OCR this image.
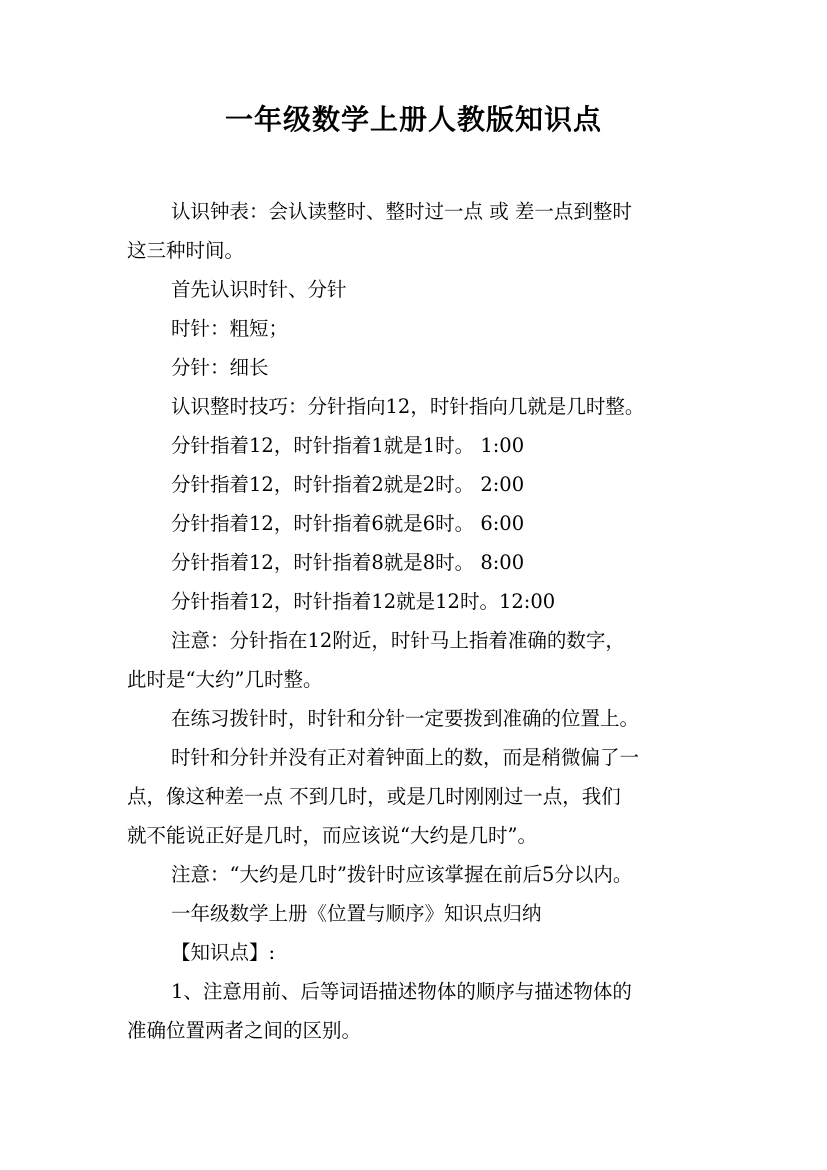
一年级数学上册人教版知识点
认识钟表：会认读整时、整时过一点 或 差一点到整时
这三种时间。
首先认识时针、分针
时针：粗短；
分针：细长
认识整时技巧：分针指向12，时针指向几就是几时整。
分针指着12，时针指着1就是1时。 1:00
分针指着12，时针指着2就是2时。 2:00
分针指着12，时针指着6就是6时。 6:00
分针指着12，时针指着8就是8时。 8:00
分针指着12，时针指着12就是12时。12:00
注意：分针指在12附近，时针马上指着准确的数字，
此时是“大约”几时整。
在练习拨针时，时针和分针一定要拨到准确的位置上。
时针和分针并没有正对着钟面上的数，而是稍微偏了一
点，像这种差一点 不到几时，或是几时刚刚过一点，我们
就不能说正好是几时，而应该说“大约是几时”。
注意：“大约是几时”拨针时应该掌握在前后5分以内。
一年级数学上册《位置与顺序》知识点归纳
【知识点】:
1、注意用前、后等词语描述物体的顺序与描述物体的
准确位置两者之间的区别。
